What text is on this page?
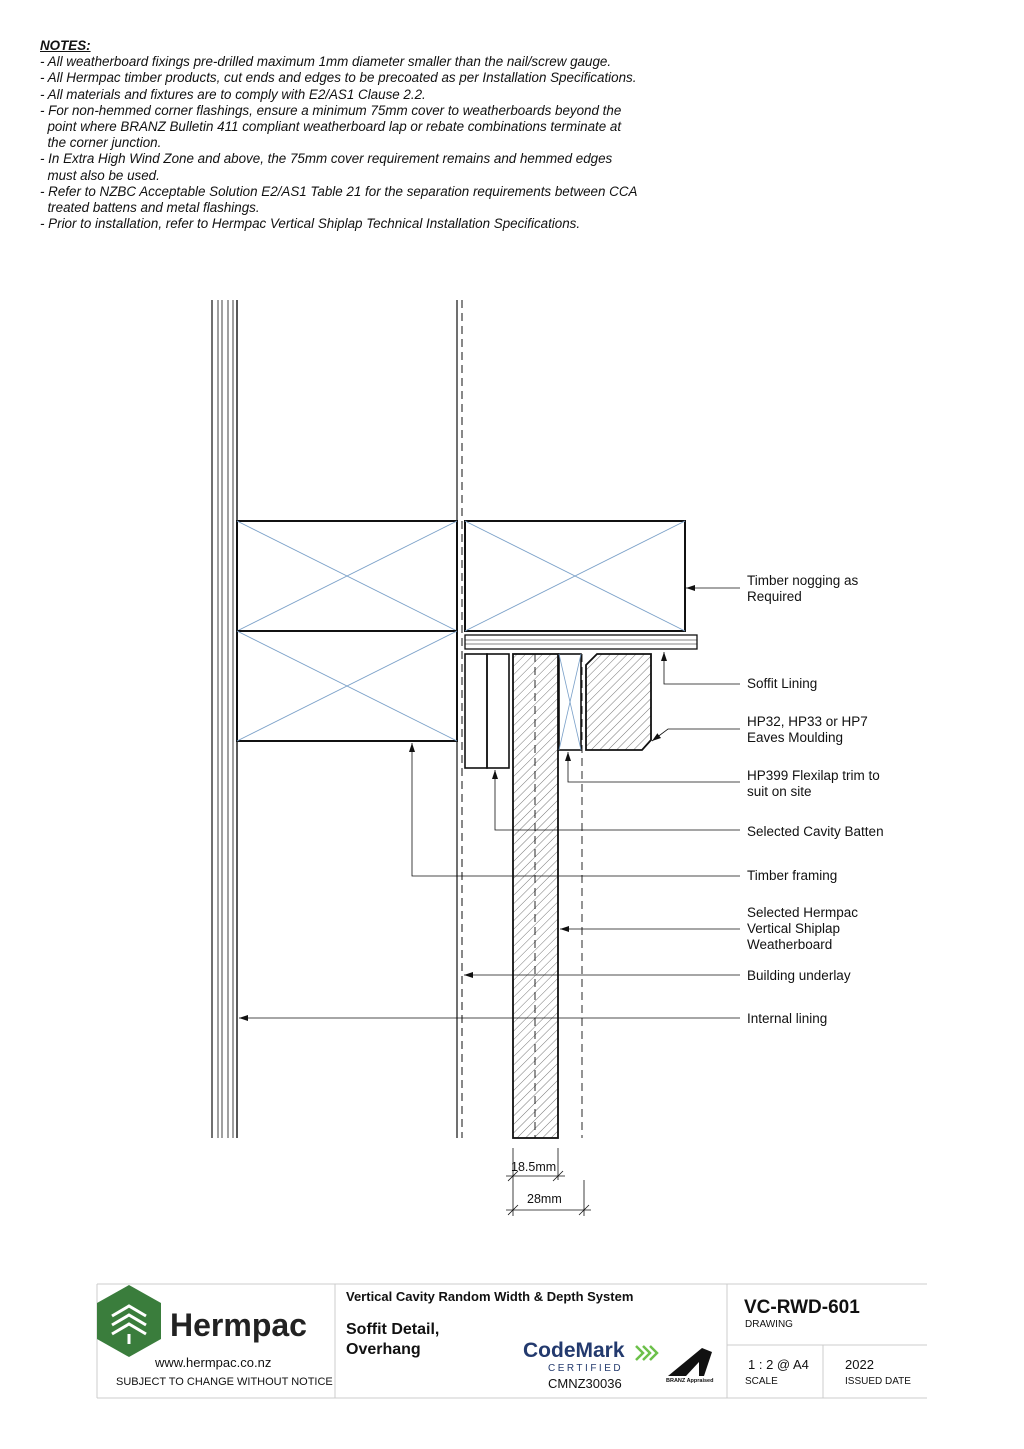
NOTES:
- All weatherboard fixings pre-drilled maximum 1mm diameter smaller than the nail/screw gauge.
- All Hermpac timber products, cut ends and edges to be precoated as per Installation Specifications.
- All materials and fixtures are to comply with E2/AS1 Clause 2.2.
- For non-hemmed corner flashings, ensure a minimum 75mm cover to weatherboards beyond the
point where BRANZ Bulletin 411 compliant weatherboard lap or rebate combinations terminate at
the corner junction.
- In Extra High Wind Zone and above, the 75mm cover requirement remains and hemmed edges
must also be used.
- Refer to NZBC Acceptable Solution E2/AS1 Table 21 for the separation requirements between CCA
treated battens and metal flashings.
- Prior to installation, refer to Hermpac Vertical Shiplap Technical Installation Specifications.
Timber nogging as
Required
Soffit Lining
HP32, HP33 or HP7
Eaves Moulding
HP399 Flexilap trim to
suit on site
Selected Cavity Batten
Timber framing
Selected Hermpac
Vertical Shiplap
Weatherboard
Building underlay
Internal lining
18.5mm
28mm
Hermpac
www.hermpac.co.nz
SUBJECT TO CHANGE WITHOUT NOTICE
Vertical Cavity Random Width & Depth System
Soffit Detail,
Overhang	CodeMark
CERTIFIED
CMNZ30036	BRANZ Appraised
VC-RWD-601
DRAWING
1 : 2 @ A4
SCALE
2022
ISSUED DATE
